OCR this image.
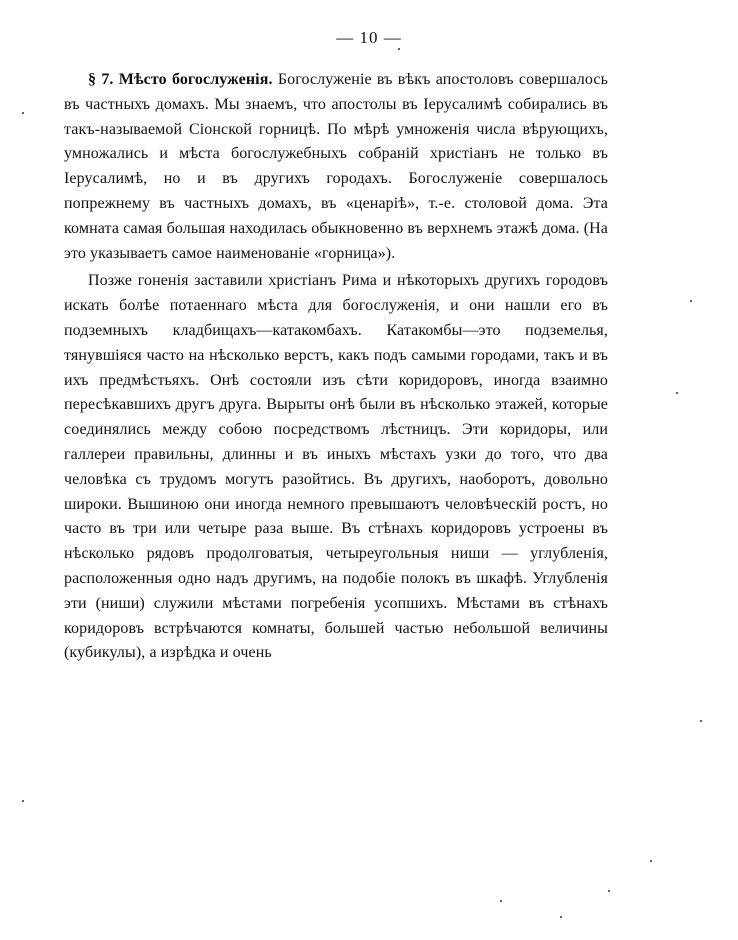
— 10 —

§ 7. Мѣсто богослуженія. Богослуженіе въ вѣкъ апостоловъ совершалось въ частныхъ домахъ. Мы знаемъ, что апостолы въ Іерусалимѣ собирались въ такъ-называемой Сіонской горницѣ. По мѣрѣ умноженія числа вѣрующихъ, умножались и мѣста богослужебныхъ собраній христіанъ не только въ Іерусалимѣ, но и въ другихъ городахъ. Богослуженіе совершалось попрежнему въ частныхъ домахъ, въ «ценаріѣ», т.-е. столовой дома. Эта комната самая большая находилась обыкновенно въ верхнемъ этажѣ дома. (На это указываетъ самое наименованіе «горница»).

Позже гоненія заставили христіанъ Рима и нѣкоторыхъ другихъ городовъ искать болѣе потаеннаго мѣста для богослуженія, и они нашли его въ подземныхъ кладбищахъ—катакомбахъ. Катакомбы—это подземелья, тянувшіяся часто на нѣсколько верстъ, какъ подъ самыми городами, такъ и въ ихъ предмѣстьяхъ. Онѣ состояли изъ сѣти коридоровъ, иногда взаимно пересѣкавшихъ другъ друга. Вырыты онѣ были въ нѣсколько этажей, которые соединялись между собою посредствомъ лѣстницъ. Эти коридоры, или галлереи правильны, длинны и въ иныхъ мѣстахъ узки до того, что два человѣка съ трудомъ могутъ разойтись. Въ другихъ, наоборотъ, довольно широки. Вышиною они иногда немного превышаютъ человѣческій ростъ, но часто въ три или четыре раза выше. Въ стѣнахъ коридоровъ устроены въ нѣсколько рядовъ продолговатыя, четыреугольныя ниши — углубленія, расположенныя одно надъ другимъ, на подобіе полокъ въ шкафѣ. Углубленія эти (ниши) служили мѣстами погребенія усопшихъ. Мѣстами въ стѣнахъ коридоровъ встрѣчаются комнаты, большей частью небольшой величины (кубикулы), а изрѣдка и очень
